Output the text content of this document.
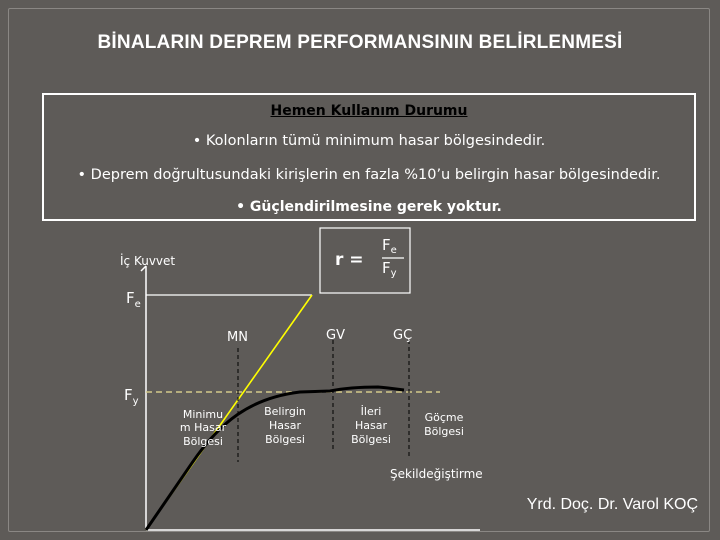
BİNALARIN DEPREM PERFORMANSININ BELİRLENMESİ
Hemen Kullanım Durumu
• Kolonların tümü minimum hasar bölgesindedir.
• Deprem doğrultusundaki kirişlerin en fazla %10’u belirgin hasar bölgesindedir.
• Güçlendirilmesine gerek yoktur.
r =
$F_e$
$F_y$
İç Kuvvet
$F_e$
$F_y$
MN	GV	GÇ
Minimu
m Hasar
Bölgesi
Belirgin
Hasar
Bölgesi
İleri
Hasar
Bölgesi
Göçme
Bölgesi
Şekildeğiştirme
Yrd. Doç. Dr. Varol KOÇ
